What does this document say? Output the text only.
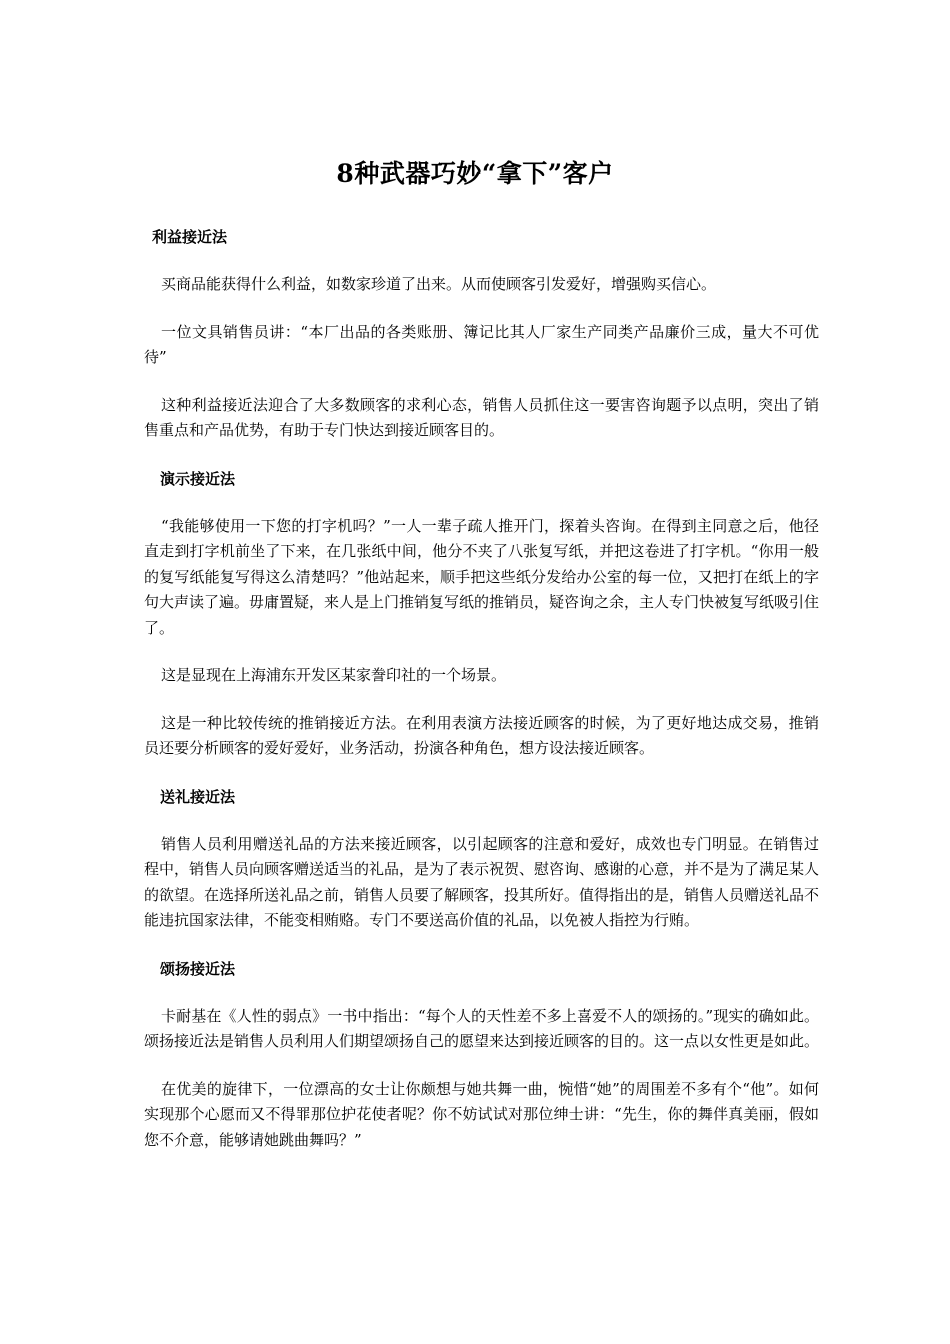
8种武器巧妙“拿下”客户
利益接近法

买商品能获得什么利益，如数家珍道了出来。从而使顾客引发爱好，增强购买信心。

一位文具销售员讲：“本厂出品的各类账册、簿记比其人厂家生产同类产品廉价三成，量大不可优待”

这种利益接近法迎合了大多数顾客的求利心态，销售人员抓住这一要害咨询题予以点明，突出了销售重点和产品优势，有助于专门快达到接近顾客目的。

演示接近法

“我能够使用一下您的打字机吗？”一人一辈子疏人推开门，探着头咨询。在得到主同意之后，他径直走到打字机前坐了下来，在几张纸中间，他分不夹了八张复写纸，并把这卷进了打字机。“你用一般的复写纸能复写得这么清楚吗？”他站起来，顺手把这些纸分发给办公室的每一位，又把打在纸上的字句大声读了遍。毋庸置疑，来人是上门推销复写纸的推销员，疑咨询之余，主人专门快被复写纸吸引住了。

这是显现在上海浦东开发区某家誊印社的一个场景。

这是一种比较传统的推销接近方法。在利用表演方法接近顾客的时候，为了更好地达成交易，推销员还要分析顾客的爱好爱好，业务活动，扮演各种角色，想方设法接近顾客。

送礼接近法

销售人员利用赠送礼品的方法来接近顾客，以引起顾客的注意和爱好，成效也专门明显。在销售过程中，销售人员向顾客赠送适当的礼品，是为了表示祝贺、慰咨询、感谢的心意，并不是为了满足某人的欲望。在选择所送礼品之前，销售人员要了解顾客，投其所好。值得指出的是，销售人员赠送礼品不能违抗国家法律，不能变相贿赂。专门不要送高价值的礼品，以免被人指控为行贿。

颂扬接近法

卡耐基在《人性的弱点》一书中指出：“每个人的天性差不多上喜爱不人的颂扬的。”现实的确如此。颂扬接近法是销售人员利用人们期望颂扬自己的愿望来达到接近顾客的目的。这一点以女性更是如此。

在优美的旋律下，一位漂高的女士让你颇想与她共舞一曲，惋惜“她”的周围差不多有个“他”。如何实现那个心愿而又不得罪那位护花使者呢？你不妨试试对那位绅士讲：“先生，你的舞伴真美丽，假如您不介意，能够请她跳曲舞吗？”
